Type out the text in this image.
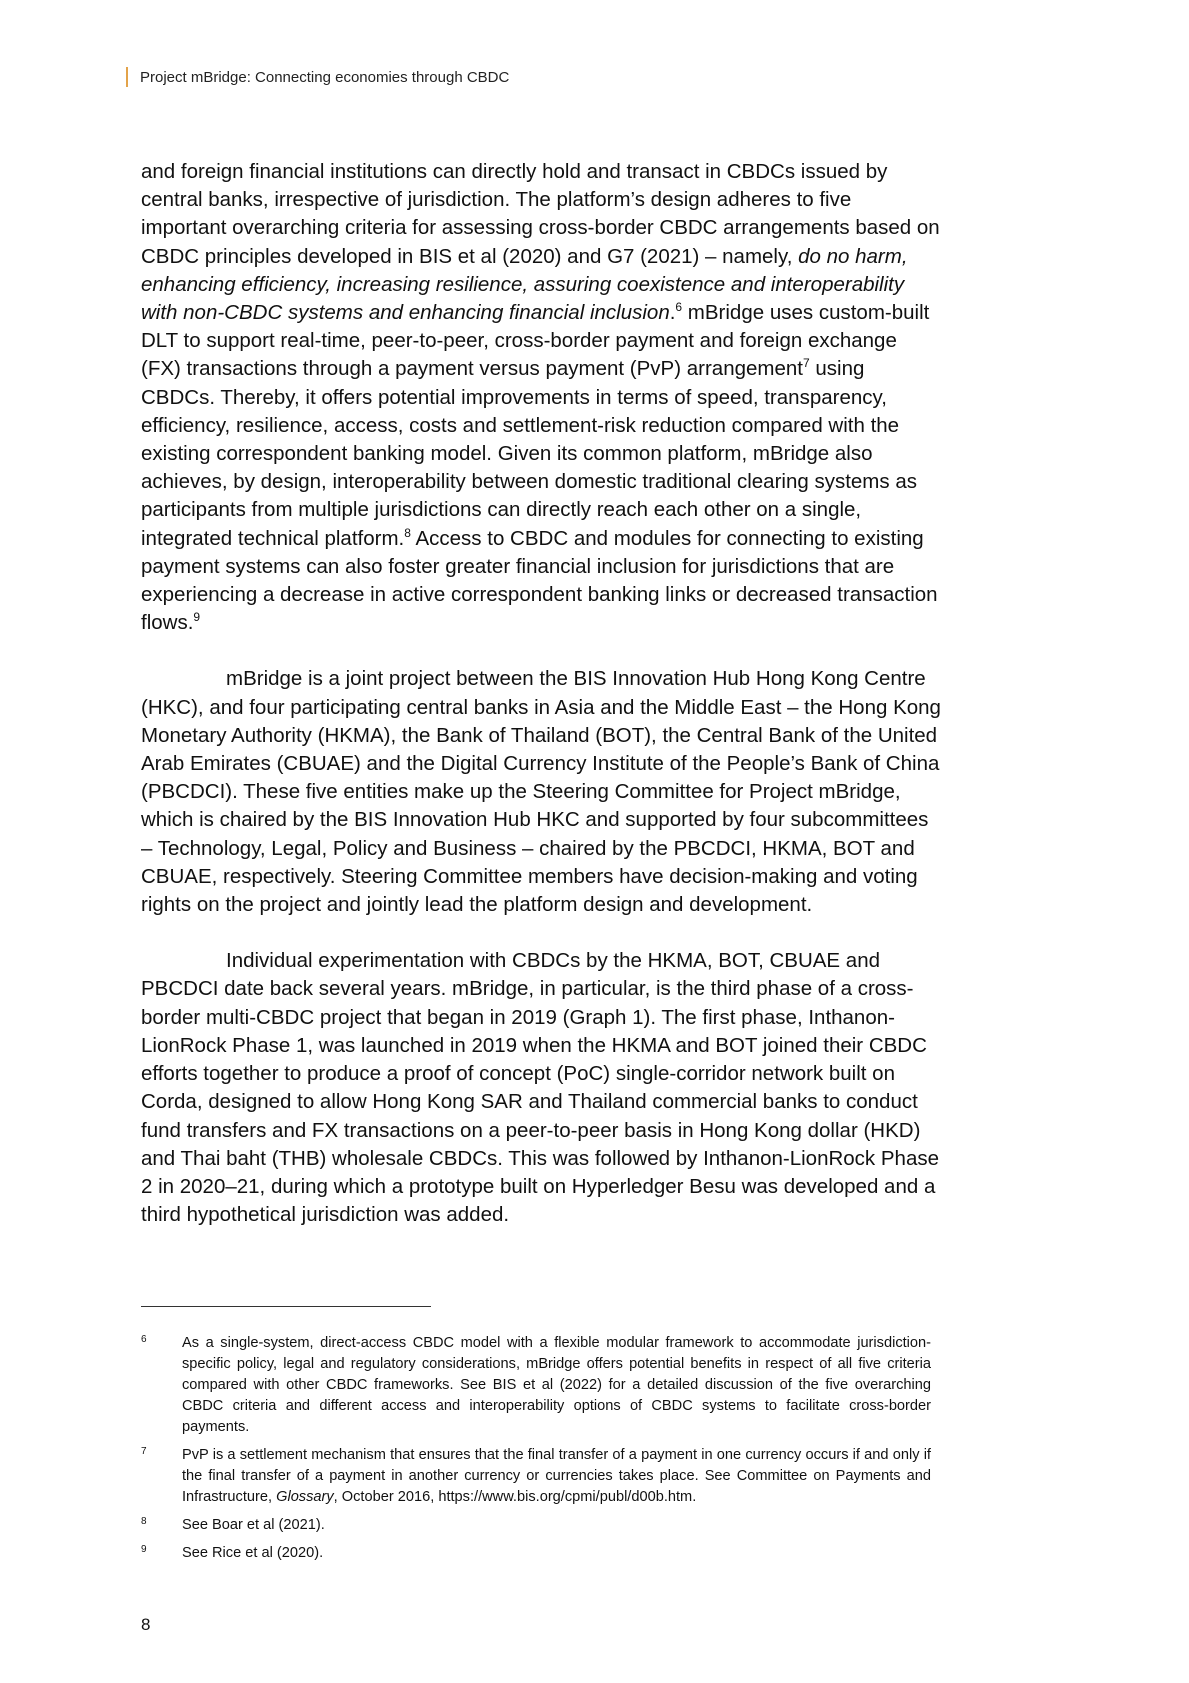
Project mBridge: Connecting economies through CBDC

and foreign financial institutions can directly hold and transact in CBDCs issued by central banks, irrespective of jurisdiction. The platform’s design adheres to five important overarching criteria for assessing cross-border CBDC arrangements based on CBDC principles developed in BIS et al (2020) and G7 (2021) – namely, do no harm, enhancing efficiency, increasing resilience, assuring coexistence and interoperability with non-CBDC systems and enhancing financial inclusion.$^6$ mBridge uses custom-built DLT to support real-time, peer-to-peer, cross-border payment and foreign exchange (FX) transactions through a payment versus payment (PvP) arrangement$^7$ using CBDCs. Thereby, it offers potential improvements in terms of speed, transparency, efficiency, resilience, access, costs and settlement-risk reduction compared with the existing correspondent banking model. Given its common platform, mBridge also achieves, by design, interoperability between domestic traditional clearing systems as participants from multiple jurisdictions can directly reach each other on a single, integrated technical platform.$^8$ Access to CBDC and modules for connecting to existing payment systems can also foster greater financial inclusion for jurisdictions that are experiencing a decrease in active correspondent banking links or decreased transaction flows.$^9$

mBridge is a joint project between the BIS Innovation Hub Hong Kong Centre (HKC), and four participating central banks in Asia and the Middle East – the Hong Kong Monetary Authority (HKMA), the Bank of Thailand (BOT), the Central Bank of the United Arab Emirates (CBUAE) and the Digital Currency Institute of the People’s Bank of China (PBCDCI). These five entities make up the Steering Committee for Project mBridge, which is chaired by the BIS Innovation Hub HKC and supported by four subcommittees – Technology, Legal, Policy and Business – chaired by the PBCDCI, HKMA, BOT and CBUAE, respectively. Steering Committee members have decision-making and voting rights on the project and jointly lead the platform design and development.

Individual experimentation with CBDCs by the HKMA, BOT, CBUAE and PBCDCI date back several years. mBridge, in particular, is the third phase of a cross-border multi-CBDC project that began in 2019 (Graph 1). The first phase, Inthanon-LionRock Phase 1, was launched in 2019 when the HKMA and BOT joined their CBDC efforts together to produce a proof of concept (PoC) single-corridor network built on Corda, designed to allow Hong Kong SAR and Thailand commercial banks to conduct fund transfers and FX transactions on a peer-to-peer basis in Hong Kong dollar (HKD) and Thai baht (THB) wholesale CBDCs. This was followed by Inthanon-LionRock Phase 2 in 2020–21, during which a prototype built on Hyperledger Besu was developed and a third hypothetical jurisdiction was added.

6	As a single-system, direct-access CBDC model with a flexible modular framework to accommodate jurisdiction-specific policy, legal and regulatory considerations, mBridge offers potential benefits in respect of all five criteria compared with other CBDC frameworks. See BIS et al (2022) for a detailed discussion of the five overarching CBDC criteria and different access and interoperability options of CBDC systems to facilitate cross-border payments.
7	PvP is a settlement mechanism that ensures that the final transfer of a payment in one currency occurs if and only if the final transfer of a payment in another currency or currencies takes place. See Committee on Payments and Infrastructure, Glossary, October 2016, https://www.bis.org/cpmi/publ/d00b.htm.
8	See Boar et al (2021).
9	See Rice et al (2020).
8
